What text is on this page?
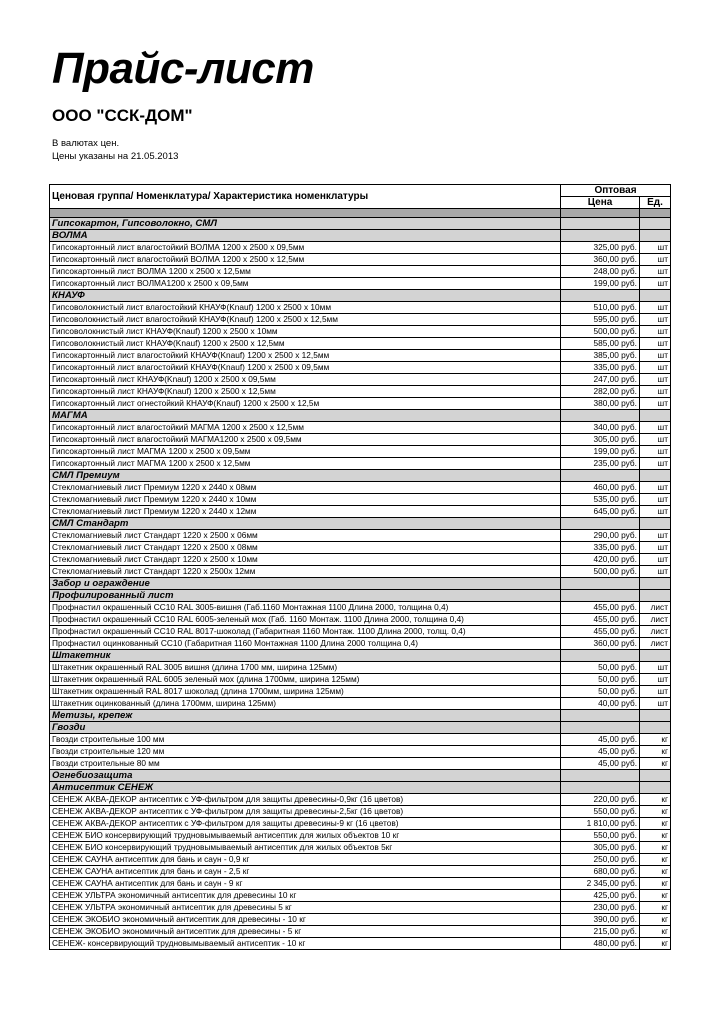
Прайс-лист
ООО "ССК-ДОМ"
В валютах цен.
Цены указаны на 21.05.2013
Ценовая группа/ Номенклатура/ Характеристика номенклатуры	Оптовая	
	Цена	Ед.

Гипсокартон, Гипсоволокно, СМЛ		
ВОЛМА		
Гипсокартонный лист влагостойкий ВОЛМА 1200 х 2500 х 09,5мм	325,00 руб.	шт
Гипсокартонный лист влагостойкий ВОЛМА 1200 х 2500 х 12,5мм	360,00 руб.	шт
Гипсокартонный лист ВОЛМА 1200 х 2500 х 12,5мм	248,00 руб.	шт
Гипсокартонный лист ВОЛМА1200 х 2500 х 09,5мм	199,00 руб.	шт
КНАУФ		
Гипсоволокнистый лист влагостойкий КНАУФ(Knauf) 1200 х 2500 х 10мм	510,00 руб.	шт
Гипсоволокнистый лист влагостойкий КНАУФ(Knauf) 1200 х 2500 х 12,5мм	595,00 руб.	шт
Гипсоволокнистый лист КНАУФ(Knauf) 1200 х 2500 х 10мм	500,00 руб.	шт
Гипсоволокнистый лист КНАУФ(Knauf) 1200 х 2500 х 12,5мм	585,00 руб.	шт
Гипсокартонный лист влагостойкий КНАУФ(Knauf) 1200 х 2500 х 12,5мм	385,00 руб.	шт
Гипсокартонный лист влагостойкий КНАУФ(Knauf) 1200 х 2500 х 09,5мм	335,00 руб.	шт
Гипсокартонный лист КНАУФ(Knauf) 1200 х 2500 х 09,5мм	247,00 руб.	шт
Гипсокартонный лист КНАУФ(Knauf) 1200 х 2500 х 12,5мм	282,00 руб.	шт
Гипсокартонный лист огнестойкий КНАУФ(Knauf) 1200 х 2500 х 12,5м	380,00 руб.	шт
МАГМА		
Гипсокартонный лист влагостойкий МАГМА 1200 х 2500 х 12,5мм	340,00 руб.	шт
Гипсокартонный лист влагостойкий МАГМА1200 х 2500 х 09,5мм	305,00 руб.	шт
Гипсокартонный лист МАГМА 1200 х 2500 х 09,5мм	199,00 руб.	шт
Гипсокартонный лист МАГМА 1200 х 2500 х 12,5мм	235,00 руб.	шт
СМЛ Премиум		
Стекломагниевый лист Премиум 1220 х 2440 х 08мм	460,00 руб.	шт
Стекломагниевый лист Премиум 1220 х 2440 х 10мм	535,00 руб.	шт
Стекломагниевый лист Премиум 1220 х 2440 х 12мм	645,00 руб.	шт
СМЛ Стандарт		
Стекломагниевый лист Стандарт 1220 х 2500 х 06мм	290,00 руб.	шт
Стекломагниевый лист Стандарт 1220 х 2500 х 08мм	335,00 руб.	шт
Стекломагниевый лист Стандарт 1220 х 2500 х 10мм	420,00 руб.	шт
Стекломагниевый лист Стандарт 1220 х 2500х 12мм	500,00 руб.	шт
Забор и ограждение		
Профилированный лист		
Профнастил окрашенный СС10 RAL 3005-вишня (Габ.1160 Монтажная 1100 Длина 2000, толщина 0,4)	455,00 руб.	лист
Профнастил окрашенный СС10 RAL 6005-зеленый мох (Габ. 1160 Монтаж. 1100 Длина 2000, толщина 0,4)	455,00 руб.	лист
Профнастил окрашенный СС10 RAL 8017-шоколад (Габаритная 1160 Монтаж. 1100 Длина 2000, толщ. 0,4)	455,00 руб.	лист
Профнастил оцинкованный СС10 (Габаритная 1160 Монтажная 1100 Длина 2000 толщина 0,4)	360,00 руб.	лист
Штакетник		
Штакетник окрашенный RAL 3005 вишня (длина 1700 мм, ширина 125мм)	50,00 руб.	шт
Штакетник окрашенный RAL 6005 зеленый мох (длина 1700мм, ширина 125мм)	50,00 руб.	шт
Штакетник окрашенный RAL 8017 шоколад (длина 1700мм, ширина 125мм)	50,00 руб.	шт
Штакетник оцинкованный (длина 1700мм, ширина 125мм)	40,00 руб.	шт
Метизы, крепеж		
Гвозди		
Гвозди строительные 100 мм	45,00 руб.	кг
Гвозди строительные 120 мм	45,00 руб.	кг
Гвозди строительные 80 мм	45,00 руб.	кг
Огнебиозащита		
Антисептик СЕНЕЖ		
СЕНЕЖ АКВА-ДЕКОР антисептик с УФ-фильтром для защиты древесины-0,9кг (16 цветов)	220,00 руб.	кг
СЕНЕЖ АКВА-ДЕКОР антисептик с УФ-фильтром для защиты древесины-2,5кг (16 цветов)	550,00 руб.	кг
СЕНЕЖ АКВА-ДЕКОР антисептик с УФ-фильтром для защиты древесины-9 кг (16 цветов)	1 810,00 руб.	кг
СЕНЕЖ БИО консервирующий трудновымываемый антисептик для жилых объектов 10 кг	550,00 руб.	кг
СЕНЕЖ БИО консервирующий трудновымываемый антисептик для жилых объектов 5кг	305,00 руб.	кг
СЕНЕЖ САУНА антисептик для бань и саун - 0,9 кг	250,00 руб.	кг
СЕНЕЖ САУНА антисептик для бань и саун - 2,5 кг	680,00 руб.	кг
СЕНЕЖ САУНА антисептик для бань и саун - 9 кг	2 345,00 руб.	кг
СЕНЕЖ УЛЬТРА экономичный антисептик для древесины 10 кг	425,00 руб.	кг
СЕНЕЖ УЛЬТРА экономичный антисептик для древесины 5 кг	230,00 руб.	кг
СЕНЕЖ ЭКОБИО экономичный антисептик для древесины - 10 кг	390,00 руб.	кг
СЕНЕЖ ЭКОБИО экономичный антисептик для древесины - 5 кг	215,00 руб.	кг
СЕНЕЖ- консервирующий трудновымываемый антисептик - 10 кг	480,00 руб.	кг
